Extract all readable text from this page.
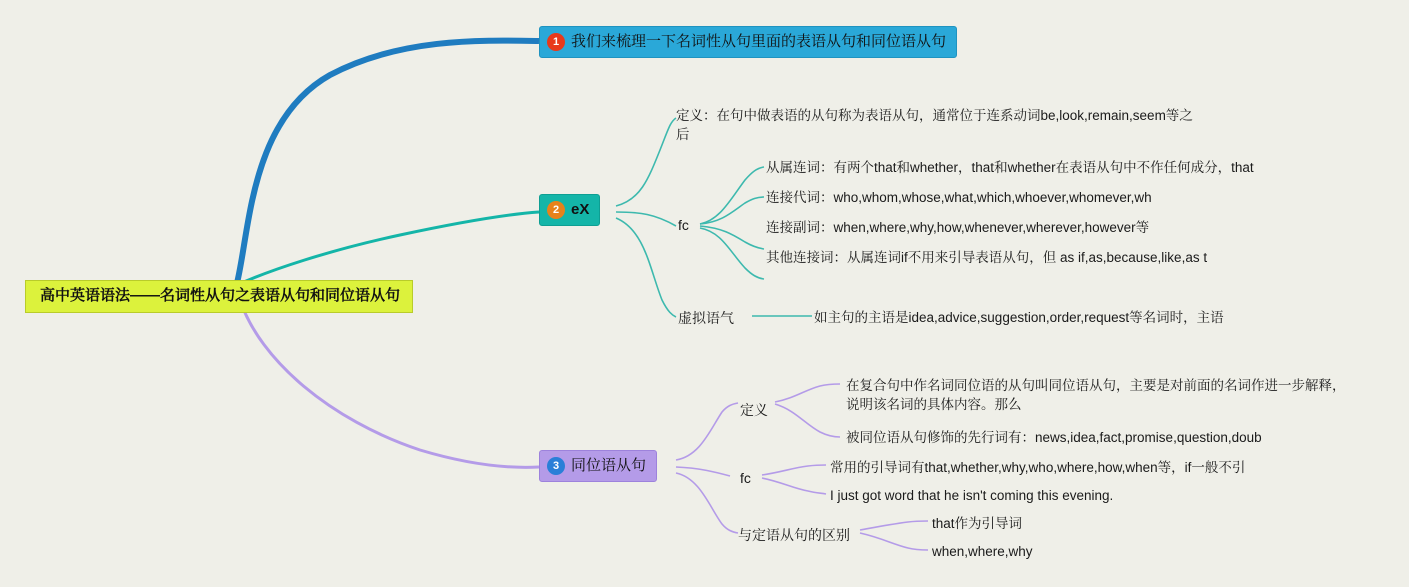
高中英语语法——名词性从句之表语从句和同位语从句
1 我们来梳理一下名词性从句里面的表语从句和同位语从句
2 eX
定义：在句中做表语的从句称为表语从句，通常位于连系动词be,look,remain,seem等之后
fc
从属连词：有两个that和whether，that和whether在表语从句中不作任何成分，that
连接代词：who,whom,whose,what,which,whoever,whomever,wh
连接副词：when,where,why,how,whenever,wherever,however等
其他连接词：从属连词if不用来引导表语从句，但 as if,as,because,like,as t
虚拟语气	如主句的主语是idea,advice,suggestion,order,request等名词时，主语
3 同位语从句
定义
在复合句中作名词同位语的从句叫同位语从句，主要是对前面的名词作进一步解释，说明该名词的具体内容。那么
被同位语从句修饰的先行词有：news,idea,fact,promise,question,doub
fc
常用的引导词有that,whether,why,who,where,how,when等，if一般不引
I just got word that he isn't coming this evening.
与定语从句的区别
that作为引导词
when,where,why
